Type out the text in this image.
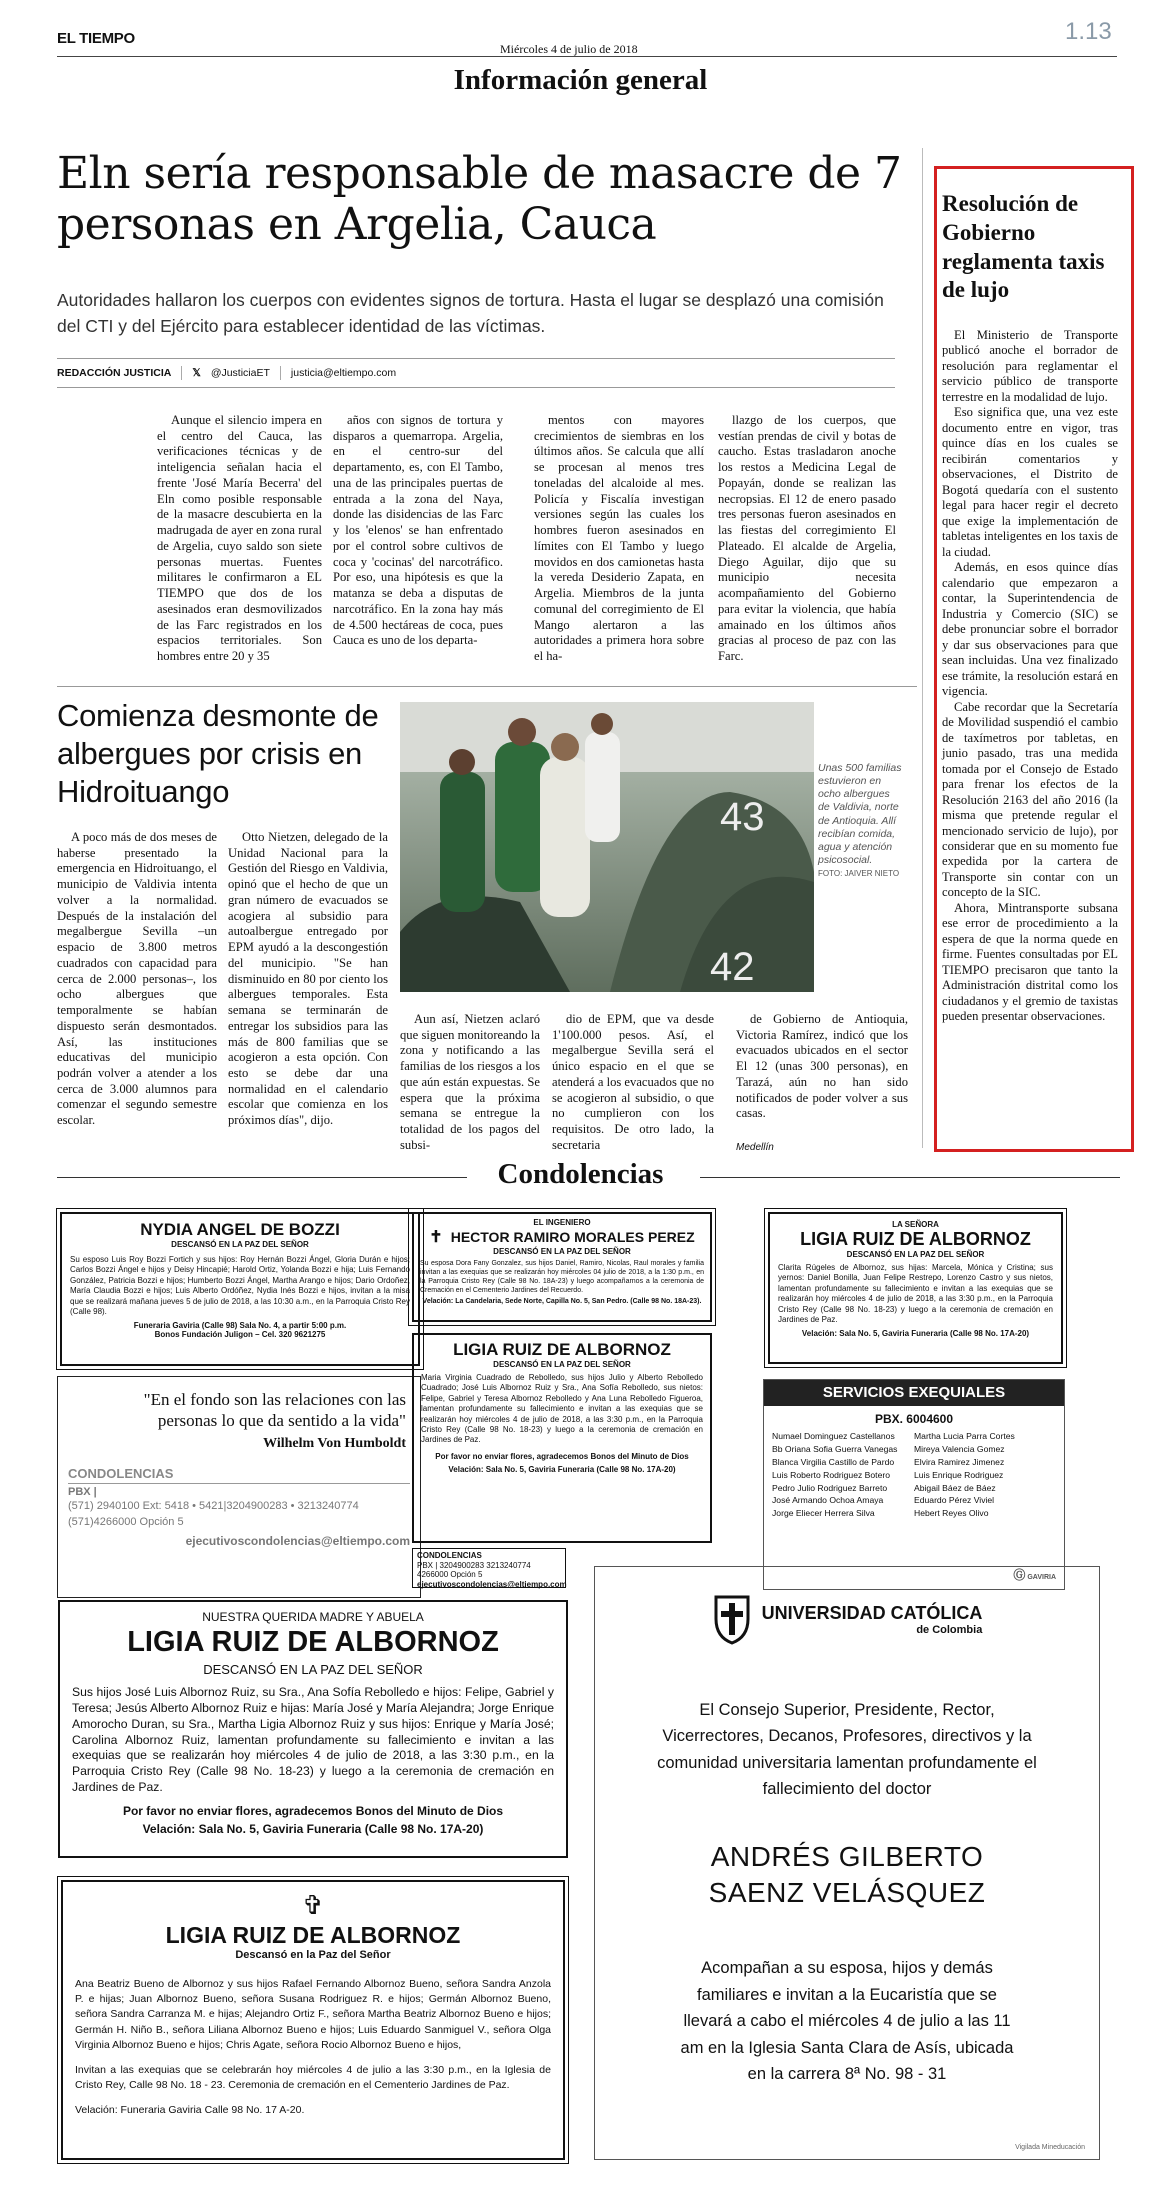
EL TIEMPO
Miércoles 4 de julio de 2018
1.13
Información general
Eln sería responsable de masacre de 7 personas en Argelia, Cauca
Autoridades hallaron los cuerpos con evidentes signos de tortura. Hasta el lugar se desplazó una comisión del CTI y del Ejército para establecer identidad de las víctimas.
REDACCIÓN JUSTICIA 𝕏 @JusticiaET justicia@eltiempo.com

Aunque el silencio impera en el centro del Cauca, las verificaciones técnicas y de inteligencia señalan hacia el frente 'José María Becerra' del Eln como posible responsable de la masacre descubierta en la madrugada de ayer en zona rural de Argelia, cuyo saldo son siete personas muertas. Fuentes militares le confirmaron a EL TIEMPO que dos de los asesinados eran desmovilizados de las Farc registrados en los espacios territoriales. Son hombres entre 20 y 35

años con signos de tortura y disparos a quemarropa. Argelia, en el centro-sur del departamento, es, con El Tambo, una de las principales puertas de entrada a la zona del Naya, donde las disidencias de las Farc y los 'elenos' se han enfrentado por el control sobre cultivos de coca y 'cocinas' del narcotráfico. Por eso, una hipótesis es que la matanza se deba a disputas de narcotráfico. En la zona hay más de 4.500 hectáreas de coca, pues Cauca es uno de los departa-

mentos con mayores crecimientos de siembras en los últimos años. Se calcula que allí se procesan al menos tres toneladas del alcaloide al mes. Policía y Fiscalía investigan versiones según las cuales los hombres fueron asesinados en límites con El Tambo y luego movidos en dos camionetas hasta la vereda Desiderio Zapata, en Argelia. Miembros de la junta comunal del corregimiento de El Mango alertaron a las autoridades a primera hora sobre el ha-

llazgo de los cuerpos, que vestían prendas de civil y botas de caucho. Estas trasladaron anoche los restos a Medicina Legal de Popayán, donde se realizan las necropsias. El 12 de enero pasado tres personas fueron asesinados en las fiestas del corregimiento El Plateado. El alcalde de Argelia, Diego Aguilar, dijo que su municipio necesita acompañamiento del Gobierno para evitar la violencia, que había amainado en los últimos años gracias al proceso de paz con las Farc.

Resolución de Gobierno reglamenta taxis de lujo

El Ministerio de Transporte publicó anoche el borrador de resolución para reglamentar el servicio público de transporte terrestre en la modalidad de lujo.

Eso significa que, una vez este documento entre en vigor, tras quince días en los cuales se recibirán comentarios y observaciones, el Distrito de Bogotá quedaría con el sustento legal para hacer regir el decreto que exige la implementación de tabletas inteligentes en los taxis de la ciudad.

Además, en esos quince días calendario que empezaron a contar, la Superintendencia de Industria y Comercio (SIC) se debe pronunciar sobre el borrador y dar sus observaciones para que sean incluidas. Una vez finalizado ese trámite, la resolución estará en vigencia.

Cabe recordar que la Secretaría de Movilidad suspendió el cambio de taxímetros por tabletas, en junio pasado, tras una medida tomada por el Consejo de Estado para frenar los efectos de la Resolución 2163 del año 2016 (la misma que pretende regular el mencionado servicio de lujo), por considerar que en su momento fue expedida por la cartera de Transporte sin contar con un concepto de la SIC.

Ahora, Mintransporte subsana ese error de procedimiento a la espera de que la norma quede en firme. Fuentes consultadas por EL TIEMPO precisaron que tanto la Administración distrital como los ciudadanos y el gremio de taxistas pueden presentar observaciones.

Comienza desmonte de albergues por crisis en Hidroituango
43
42
Unas 500 familias estuvieron en ocho albergues de Valdivia, norte de Antioquia. Allí recibían comida, agua y atención psicosocial.
FOTO: JAIVER NIETO

A poco más de dos meses de haberse presentado la emergencia en Hidroituango, el municipio de Valdivia intenta volver a la normalidad. Después de la instalación del megalbergue Sevilla –un espacio de 3.800 metros cuadrados con capacidad para cerca de 2.000 personas–, los ocho albergues que temporalmente se habían dispuesto serán desmontados. Así, las instituciones educativas del municipio podrán volver a atender a los cerca de 3.000 alumnos para comenzar el segundo semestre escolar.

Otto Nietzen, delegado de la Unidad Nacional para la Gestión del Riesgo en Valdivia, opinó que el hecho de que un gran número de evacuados se acogiera al subsidio para autoalbergue entregado por EPM ayudó a la descongestión del municipio. "Se han disminuido en 80 por ciento los albergues temporales. Esta semana se terminarán de entregar los subsidios para las más de 800 familias que se acogieron a esta opción. Con esto se debe dar una normalidad en el calendario escolar que comienza en los próximos días", dijo.

Aun así, Nietzen aclaró que siguen monitoreando la zona y notificando a las familias de los riesgos a los que aún están expuestas. Se espera que la próxima semana se entregue la totalidad de los pagos del subsi-

dio de EPM, que va desde 1'100.000 pesos. Así, el megalbergue Sevilla será el único espacio en el que se atenderá a los evacuados que no se acogieron al subsidio, o que no cumplieron con los requisitos. De otro lado, la secretaria

de Gobierno de Antioquia, Victoria Ramírez, indicó que los evacuados ubicados en el sector El 12 (unas 300 personas), en Tarazá, aún no han sido notificados de poder volver a sus casas.

Medellín
Condolencias
NYDIA ANGEL DE BOZZI
DESCANSÓ EN LA PAZ DEL SEÑOR
Su esposo Luis Roy Bozzi Fortich y sus hijos: Roy Hernán Bozzi Ángel, Gloria Durán e hijos; Carlos Bozzi Ángel e hijos y Deisy Hincapié; Harold Ortiz, Yolanda Bozzi e hija; Luis Fernando González, Patricia Bozzi e hijos; Humberto Bozzi Ángel, Martha Arango e hijos; Dario Ordoñez, María Claudia Bozzi e hijos; Luis Alberto Ordóñez, Nydia Inés Bozzi e hijos, invitan a la misa que se realizará mañana jueves 5 de julio de 2018, a las 10:30 a.m., en la Parroquia Cristo Rey (Calle 98).
Funeraria Gaviria (Calle 98) Sala No. 4, a partir 5:00 p.m.
Bonos Fundación Juligon – Cel. 320 9621275
EL INGENIERO
✝ HECTOR RAMIRO MORALES PEREZ
DESCANSÓ EN LA PAZ DEL SEÑOR
Su esposa Dora Fany Gonzalez, sus hijos Daniel, Ramiro, Nicolas, Raul morales y familia invitan a las exequias que se realizarán hoy miércoles 04 julio de 2018, a la 1:30 p.m., en la Parroquia Cristo Rey (Calle 98 No. 18A-23) y luego acompañarnos a la ceremonia de Cremación en el Cementerio Jardines del Recuerdo.
Velación: La Candelaria, Sede Norte, Capilla No. 5, San Pedro. (Calle 98 No. 18A-23).
LA SEÑORA
LIGIA RUIZ DE ALBORNOZ
DESCANSÓ EN LA PAZ DEL SEÑOR
Clarita Rúgeles de Albornoz, sus hijas: Marcela, Mónica y Cristina; sus yernos: Daniel Bonilla, Juan Felipe Restrepo, Lorenzo Castro y sus nietos, lamentan profundamente su fallecimiento e invitan a las exequias que se realizarán hoy miércoles 4 de julio de 2018, a las 3:30 p.m., en la Parroquia Cristo Rey (Calle 98 No. 18-23) y luego a la ceremonia de cremación en Jardines de Paz.
Velación: Sala No. 5, Gaviria Funeraria (Calle 98 No. 17A-20)
"En el fondo son las relaciones con las personas lo que da sentido a la vida"
Wilhelm Von Humboldt
CONDOLENCIAS
PBX |
(571) 2940100 Ext: 5418 • 5421|3204900283 • 3213240774
(571)4266000 Opción 5
ejecutivoscondolencias@eltiempo.com
LIGIA RUIZ DE ALBORNOZ
DESCANSÓ EN LA PAZ DEL SEÑOR
Maria Virginia Cuadrado de Rebolledo, sus hijos Julio y Alberto Rebolledo Cuadrado; José Luis Albornoz Ruiz y Sra., Ana Sofía Rebolledo, sus nietos: Felipe, Gabriel y Teresa Albornoz Rebolledo y Ana Luna Rebolledo Figueroa, lamentan profundamente su fallecimiento e invitan a las exequias que se realizarán hoy miércoles 4 de julio de 2018, a las 3:30 p.m., en la Parroquia Cristo Rey (Calle 98 No. 18-23) y luego a la ceremonia de cremación en Jardines de Paz.
Por favor no enviar flores, agradecemos Bonos del Minuto de Dios
Velación: Sala No. 5, Gaviria Funeraria (Calle 98 No. 17A-20)
CONDOLENCIAS
PBX | 3204900283 3213240774
4266000 Opción 5
ejecutivoscondolencias@eltiempo.com
SERVICIOS EXEQUIALES
PBX. 6004600
Numael Dominguez Castellanos
Bb Oriana Sofia Guerra Vanegas
Blanca Virgilia Castillo de Pardo
Luis Roberto Rodriguez Botero
Pedro Julio Rodriguez Barreto
José Armando Ochoa Amaya
Jorge Eliecer Herrera Silva
Martha Lucia Parra Cortes
Mireya Valencia Gomez
Elvira Ramirez Jimenez
Luis Enrique Rodriguez
Abigail Báez de Báez
Eduardo Pérez Viviel
Hebert Reyes Olivo
Ⓖ GAVIRIA
NUESTRA QUERIDA MADRE Y ABUELA
LIGIA RUIZ DE ALBORNOZ
DESCANSÓ EN LA PAZ DEL SEÑOR
Sus hijos José Luis Albornoz Ruiz, su Sra., Ana Sofía Rebolledo e hijos: Felipe, Gabriel y Teresa; Jesús Alberto Albornoz Ruiz e hijas: María José y María Alejandra; Jorge Enrique Amorocho Duran, su Sra., Martha Ligia Albornoz Ruiz y sus hijos: Enrique y María José; Carolina Albornoz Ruiz, lamentan profundamente su fallecimiento e invitan a las exequias que se realizarán hoy miércoles 4 de julio de 2018, a las 3:30 p.m., en la Parroquia Cristo Rey (Calle 98 No. 18-23) y luego a la ceremonia de cremación en Jardines de Paz.
Por favor no enviar flores, agradecemos Bonos del Minuto de Dios
Velación: Sala No. 5, Gaviria Funeraria (Calle 98 No. 17A-20)
✞
LIGIA RUIZ DE ALBORNOZ
Descansó en la Paz del Señor
Ana Beatriz Bueno de Albornoz y sus hijos Rafael Fernando Albornoz Bueno, señora Sandra Anzola P. e hijas; Juan Albornoz Bueno, señora Susana Rodriguez R. e hijos; Germán Albornoz Bueno, señora Sandra Carranza M. e hijas; Alejandro Ortiz F., señora Martha Beatriz Albornoz Bueno e hijos; Germán H. Niño B., señora Liliana Albornoz Bueno e hijos; Luis Eduardo Sanmiguel V., señora Olga Virginia Albornoz Bueno e hijos; Chris Agate, señora Rocio Albornoz Bueno e hijos,
Invitan a las exequias que se celebrarán hoy miércoles 4 de julio a las 3:30 p.m., en la Iglesia de Cristo Rey, Calle 98 No. 18 - 23. Ceremonia de cremación en el Cementerio Jardines de Paz.
Velación: Funeraria Gaviria Calle 98 No. 17 A-20.
UNIVERSIDAD CATÓLICA
de Colombia
El Consejo Superior, Presidente, Rector, Vicerrectores, Decanos, Profesores, directivos y la comunidad universitaria lamentan profundamente el fallecimiento del doctor
ANDRÉS GILBERTO SAENZ VELÁSQUEZ
Acompañan a su esposa, hijos y demás familiares e invitan a la Eucaristía que se llevará a cabo el miércoles 4 de julio a las 11 am en la Iglesia Santa Clara de Asís, ubicada en la carrera 8ª No. 98 - 31
Vigilada Mineducación
